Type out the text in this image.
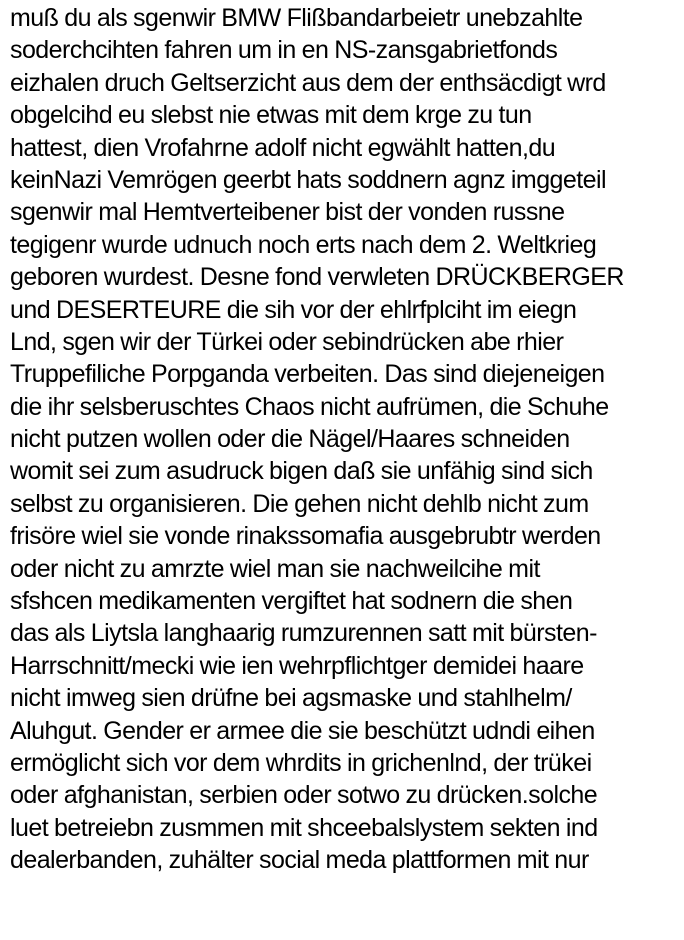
muß du als sgenwir BMW Flißbandarbeietr unebzahlte
soderchcihten fahren um in en NS-zansgabrietfonds
eizhalen druch Geltserzicht aus dem der enthsäcdigt wrd
obgelcihd eu slebst nie etwas mit dem krge zu tun
hattest, dien Vrofahrne adolf nicht egwählt hatten,du
keinNazi Vemrögen geerbt hats soddnern agnz imggeteil
sgenwir mal Hemtverteibener bist der vonden russne
tegigenr wurde udnuch noch erts nach dem 2. Weltkrieg
geboren wurdest. Desne fond verwleten DRÜCKBERGER
und DESERTEURE die sih vor der ehlrfplciht im eiegn
Lnd, sgen wir der Türkei oder sebindrücken abe rhier
Truppefiliche Porpganda verbeiten. Das sind diejeneigen
die ihr selsberuschtes Chaos nicht aufrümen, die Schuhe
nicht putzen wollen oder die Nägel/Haares schneiden
womit sei zum asudruck bigen daß sie unfähig sind sich
selbst zu organisieren. Die gehen nicht dehlb nicht zum
frisöre wiel sie vonde rinakssomafia ausgebrubtr werden
oder nicht zu amrzte wiel man sie nachweilcihe mit
sfshcen medikamenten vergiftet hat sodnern die shen
das als Liytsla langhaarig rumzurennen satt mit bürsten-
Harrschnitt/mecki wie ien wehrpflichtger demidei haare
nicht imweg sien drüfne bei agsmaske und stahlhelm/
Aluhgut. Gender er armee die sie beschützt udndi eihen
ermöglicht sich vor dem whrdits in grichenlnd, der trükei
oder afghanistan, serbien oder sotwo zu drücken.solche
luet betreiebn zusmmen mit shceebalslystem sekten ind
dealerbanden, zuhälter social meda plattformen mit nur
